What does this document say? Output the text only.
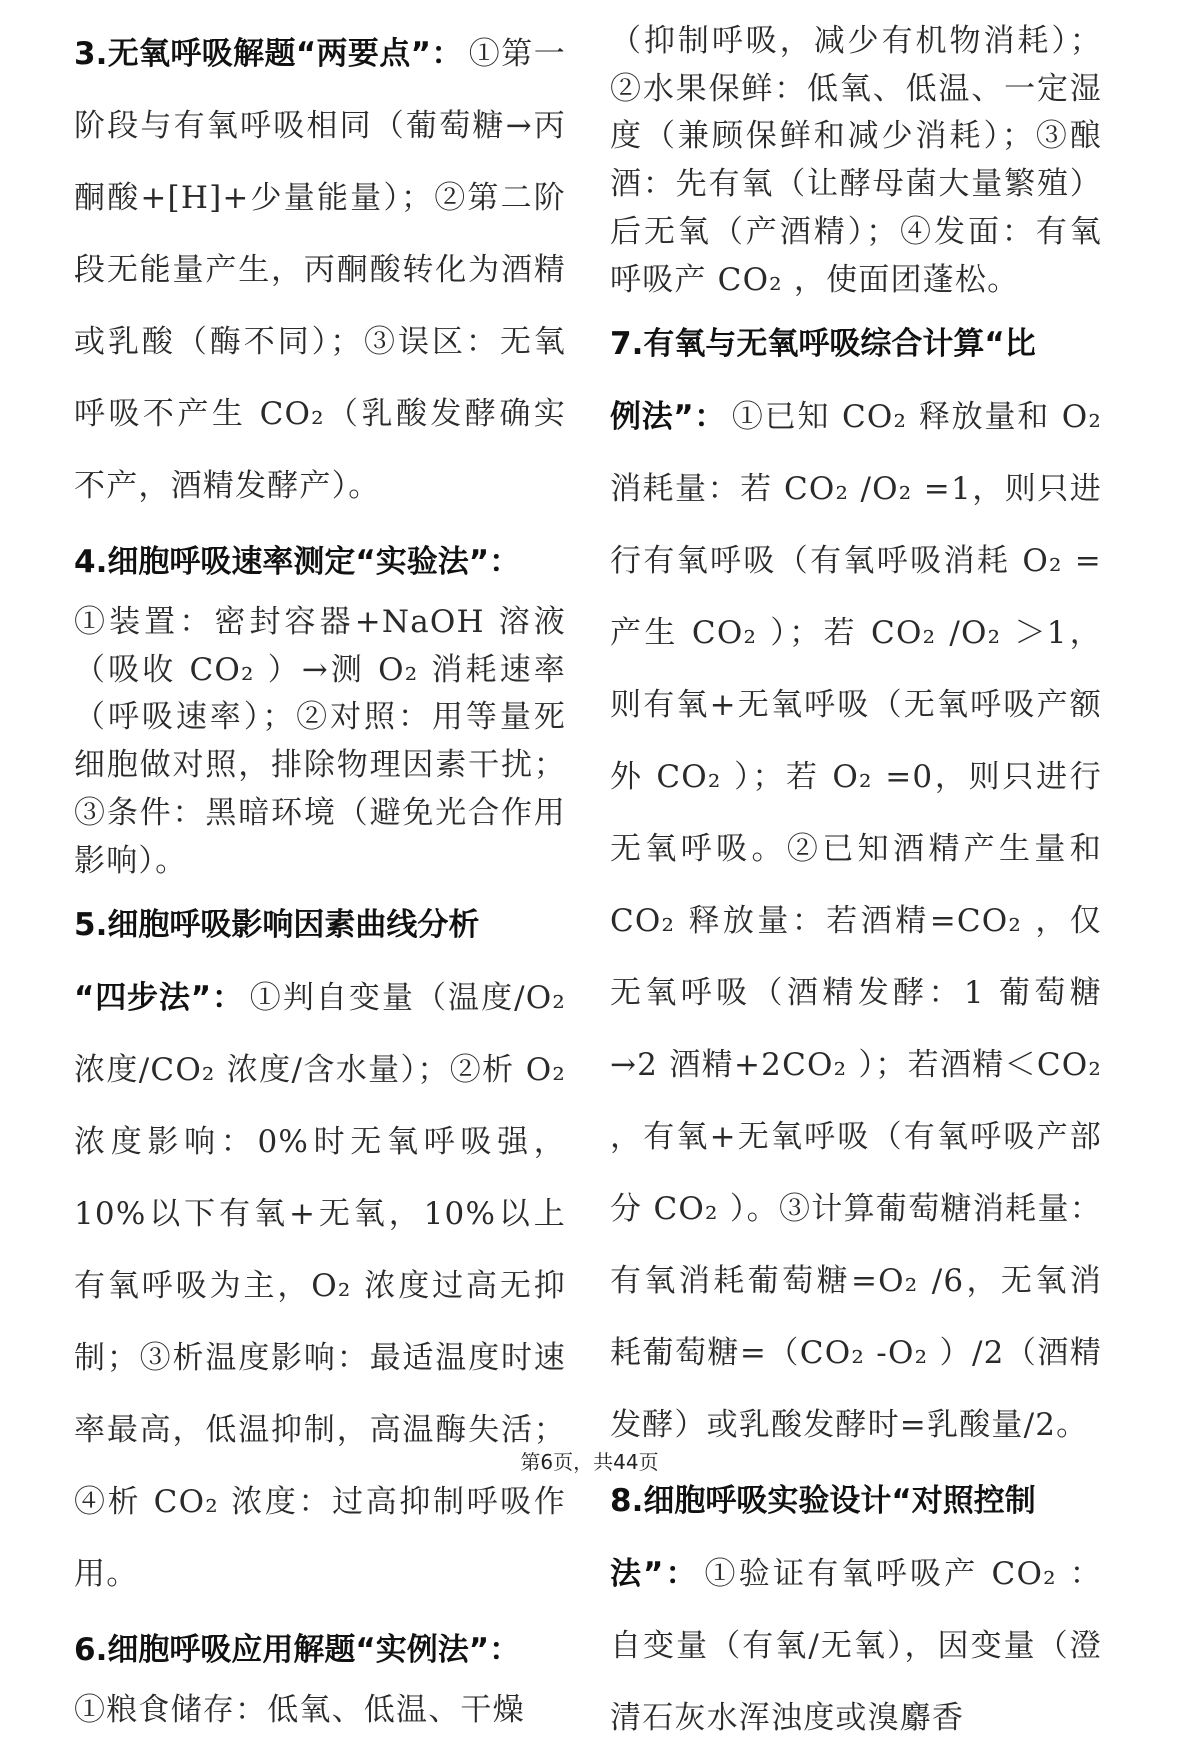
3.无氧呼吸解题“两要点”： ①第一阶段与有氧呼吸相同（葡萄糖→丙酮酸+[H]+少量能量）；②第二阶段无能量产生，丙酮酸转化为酒精或乳酸（酶不同）；③误区：无氧呼吸不产生 CO₂（乳酸发酵确实不产，酒精发酵产）。
4.细胞呼吸速率测定“实验法”：
①装置：密封容器+NaOH 溶液（吸收 CO₂ ）→测 O₂ 消耗速率（呼吸速率）；②对照：用等量死细胞做对照，排除物理因素干扰；③条件：黑暗环境（避免光合作用影响）。
5.细胞呼吸影响因素曲线分析
“四步法”： ①判自变量（温度/O₂ 浓度/CO₂ 浓度/含水量）；②析 O₂ 浓度影响：0%时无氧呼吸强，10%以下有氧+无氧，10%以上有氧呼吸为主，O₂ 浓度过高无抑制；③析温度影响：最适温度时速率最高，低温抑制，高温酶失活；④析 CO₂ 浓度：过高抑制呼吸作用。
6.细胞呼吸应用解题“实例法”：
①粮食储存：低氧、低温、干燥
（抑制呼吸，减少有机物消耗）；②水果保鲜：低氧、低温、一定湿度（兼顾保鲜和减少消耗）；③酿酒：先有氧（让酵母菌大量繁殖）后无氧（产酒精）；④发面：有氧呼吸产 CO₂ ，使面团蓬松。
7.有氧与无氧呼吸综合计算“比
例法”： ①已知 CO₂ 释放量和 O₂ 消耗量：若 CO₂ /O₂ =1，则只进行有氧呼吸（有氧呼吸消耗 O₂ =产生 CO₂ ）；若 CO₂ /O₂ ＞1，则有氧+无氧呼吸（无氧呼吸产额外 CO₂ ）；若 O₂ =0，则只进行无氧呼吸。②已知酒精产生量和 CO₂ 释放量：若酒精=CO₂ ，仅无氧呼吸（酒精发酵：1 葡萄糖→2 酒精+2CO₂ ）；若酒精＜CO₂ ，有氧+无氧呼吸（有氧呼吸产部分 CO₂ ）。③计算葡萄糖消耗量：有氧消耗葡萄糖=O₂ /6，无氧消耗葡萄糖=（CO₂ -O₂ ）/2（酒精发酵）或乳酸发酵时=乳酸量/2。
8.细胞呼吸实验设计“对照控制
法”： ①验证有氧呼吸产 CO₂ ：自变量（有氧/无氧），因变量（澄清石灰水浑浊度或溴麝香
第6页，共44页
